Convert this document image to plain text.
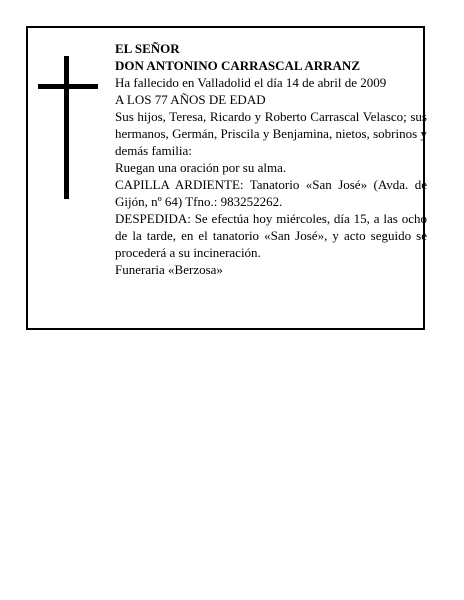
EL SEÑOR
DON ANTONINO CARRASCAL ARRANZ
Ha fallecido en Valladolid el día 14 de abril de 2009
A LOS 77 AÑOS DE EDAD
Sus hijos, Teresa, Ricardo y Roberto Carrascal Velasco; sus hermanos, Germán, Priscila y Benjamina, nietos, sobrinos y demás familia:
Ruegan una oración por su alma.
CAPILLA ARDIENTE: Tanatorio «San José» (Avda. de Gijón, nº 64) Tfno.: 983252262.
DESPEDIDA: Se efectúa hoy miércoles, día 15, a las ocho de la tarde, en el tanatorio «San José», y acto seguido se procederá a su incineración.
Funeraria «Berzosa»
